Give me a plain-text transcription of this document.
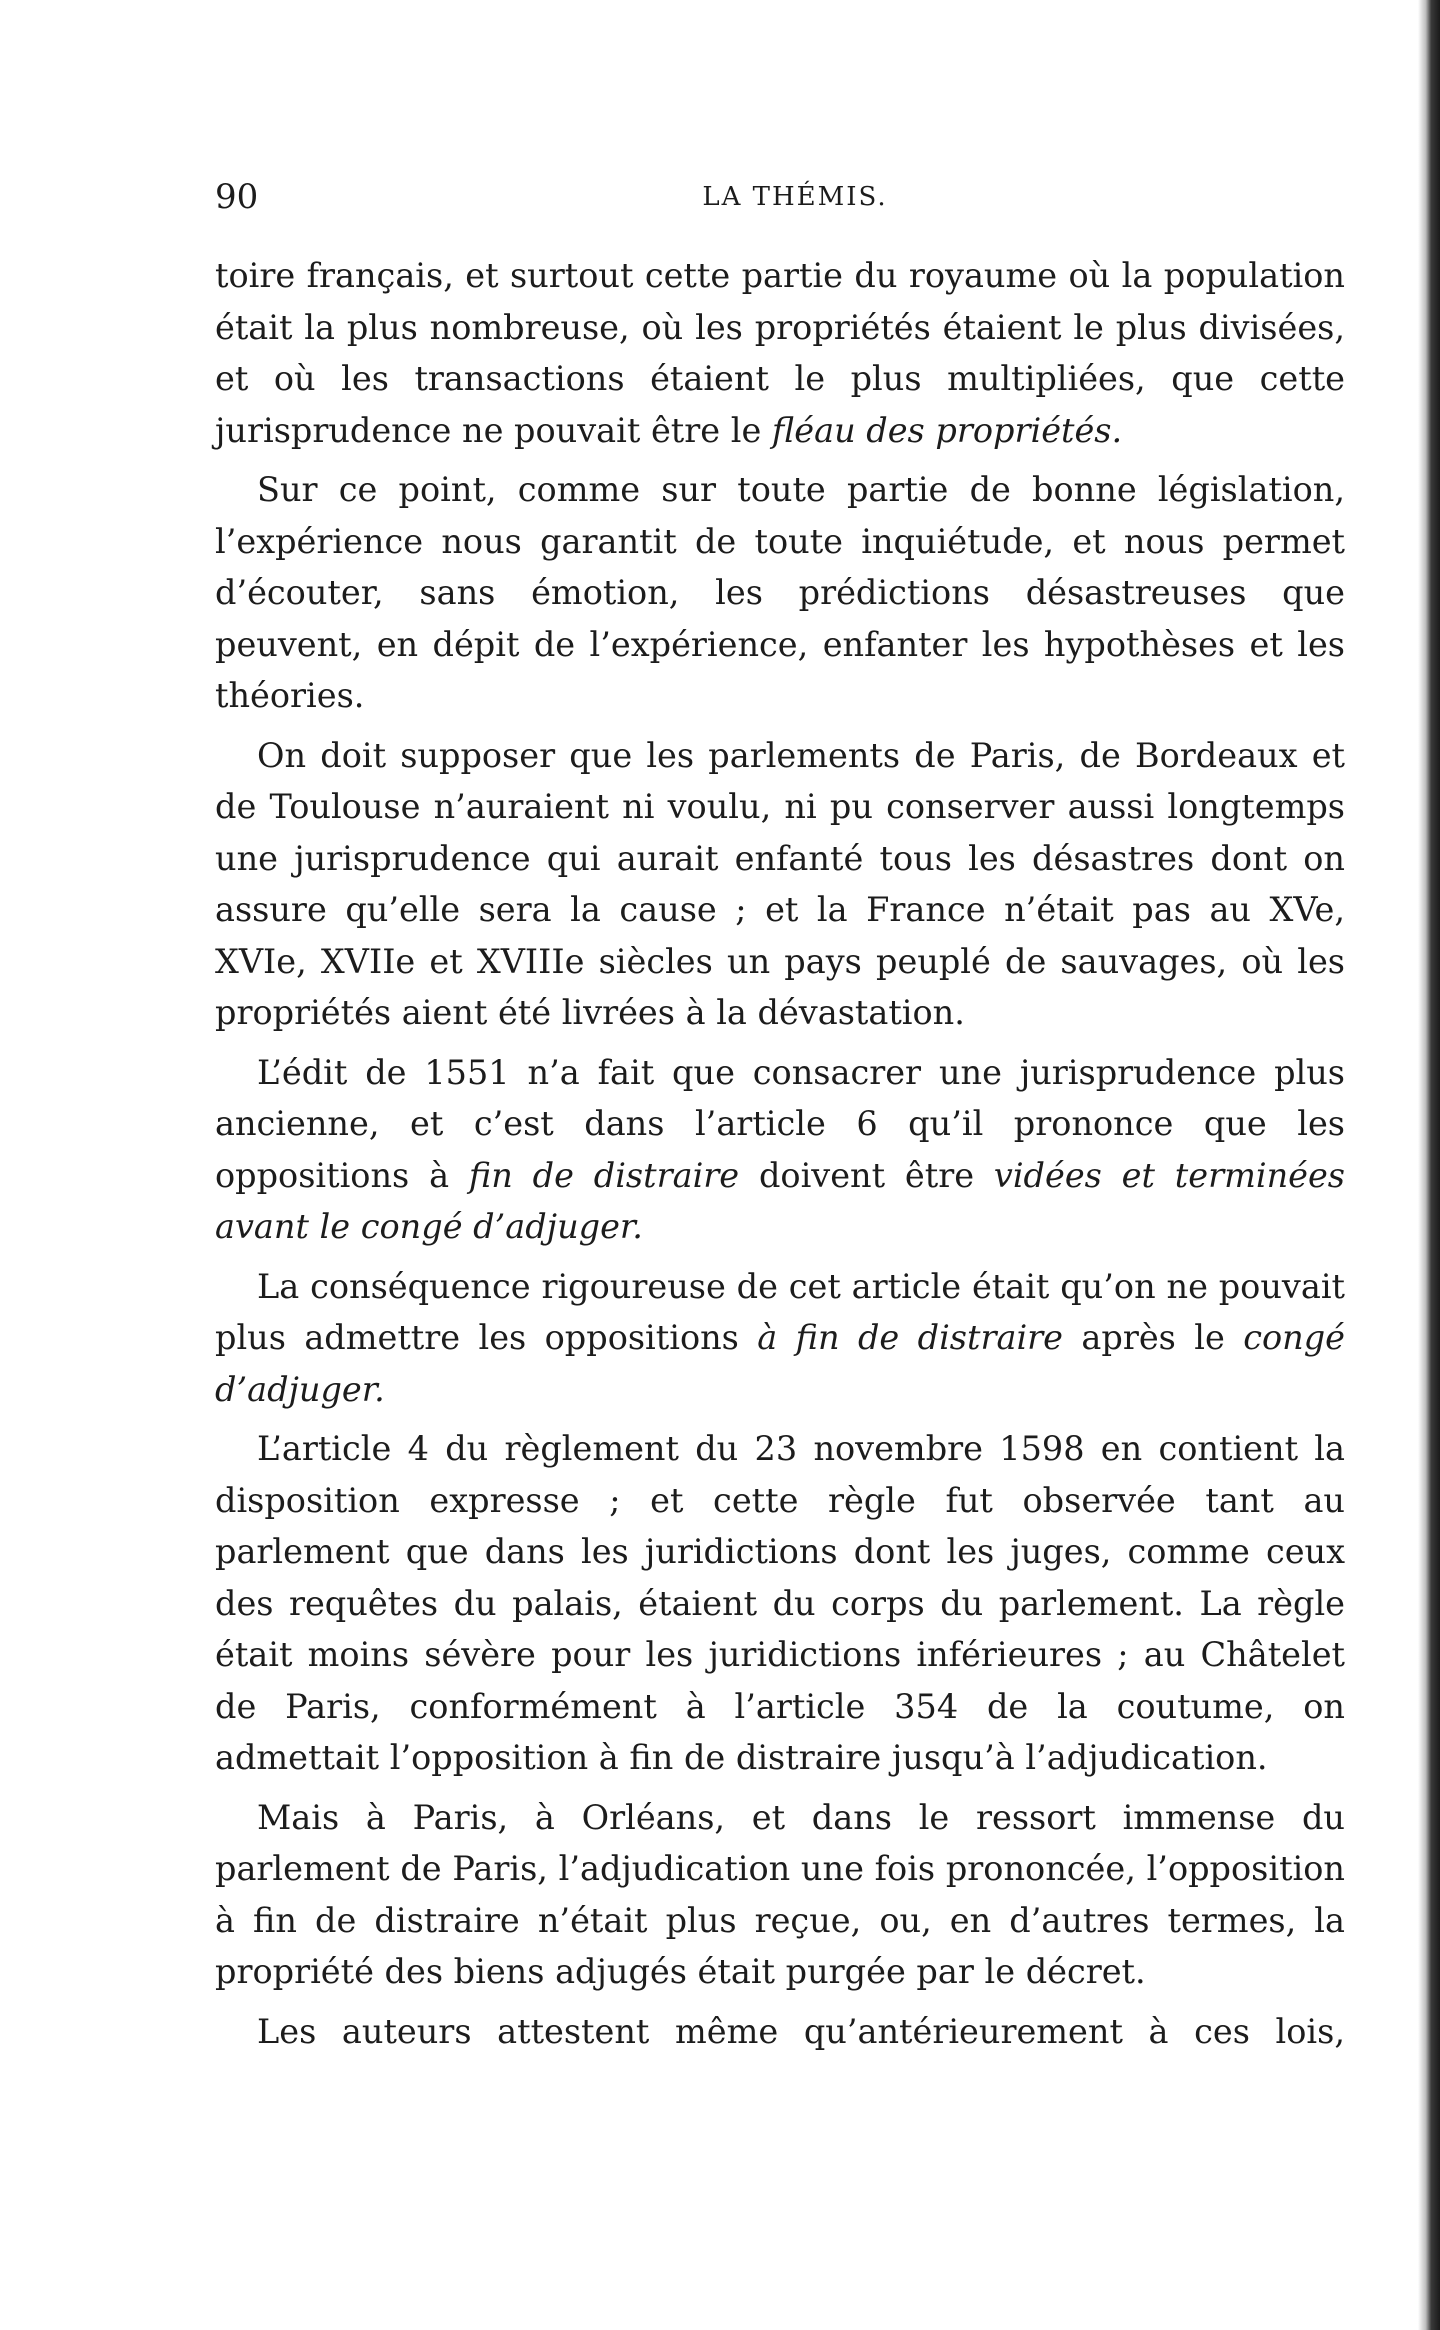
90	LA THÉMIS.

toire français, et surtout cette partie du royaume où la population était la plus nombreuse, où les propriétés étaient le plus divisées, et où les transactions étaient le plus multipliées, que cette jurisprudence ne pouvait être le fléau des propriétés.

Sur ce point, comme sur toute partie de bonne législation, l’expérience nous garantit de toute inquiétude, et nous permet d’écouter, sans émotion, les prédictions désastreuses que peuvent, en dépit de l’expérience, enfanter les hypothèses et les théories.

On doit supposer que les parlements de Paris, de Bordeaux et de Toulouse n’auraient ni voulu, ni pu conserver aussi longtemps une jurisprudence qui aurait enfanté tous les désastres dont on assure qu’elle sera la cause ; et la France n’était pas au XVe, XVIe, XVIIe et XVIIIe siècles un pays peuplé de sauvages, où les propriétés aient été livrées à la dévastation.

L’édit de 1551 n’a fait que consacrer une jurisprudence plus ancienne, et c’est dans l’article 6 qu’il prononce que les oppositions à fin de distraire doivent être vidées et terminées avant le congé d’adjuger.

La conséquence rigoureuse de cet article était qu’on ne pouvait plus admettre les oppositions à fin de distraire après le congé d’adjuger.

L’article 4 du règlement du 23 novembre 1598 en contient la disposition expresse ; et cette règle fut observée tant au parlement que dans les juridictions dont les juges, comme ceux des requêtes du palais, étaient du corps du parlement. La règle était moins sévère pour les juridictions inférieures ; au Châtelet de Paris, conformément à l’article 354 de la coutume, on admettait l’opposition à fin de distraire jusqu’à l’adjudication.

Mais à Paris, à Orléans, et dans le ressort immense du parlement de Paris, l’adjudication une fois prononcée, l’opposition à fin de distraire n’était plus reçue, ou, en d’autres termes, la propriété des biens adjugés était purgée par le décret.

Les auteurs attestent même qu’antérieurement à ces lois,
